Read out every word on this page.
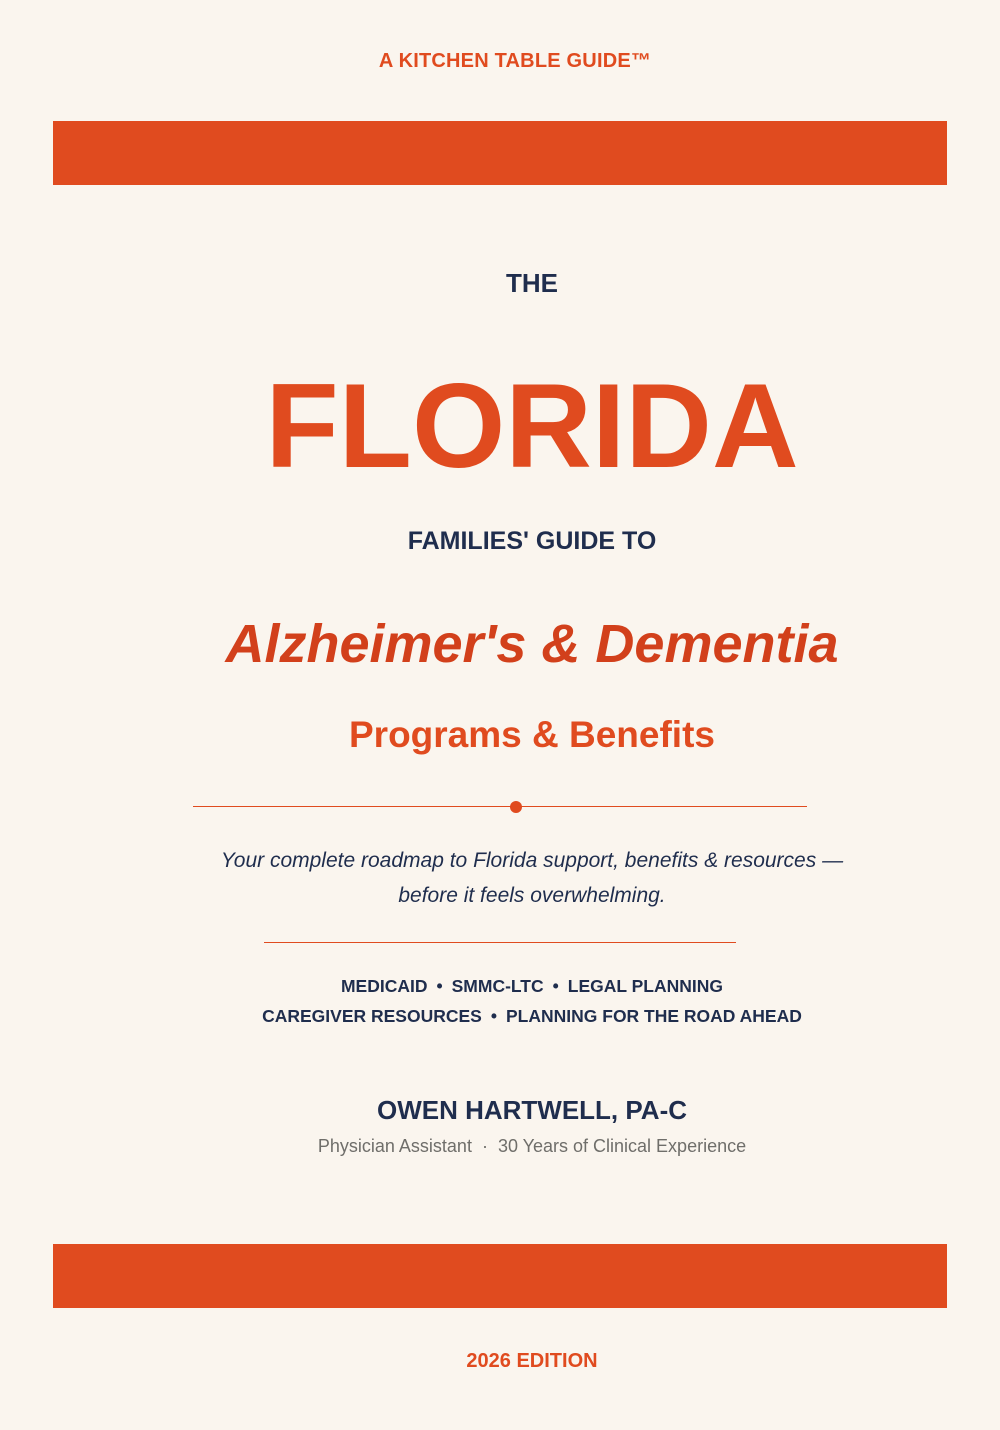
A KITCHEN TABLE GUIDE™
THE
FLORIDA
FAMILIES' GUIDE TO
Alzheimer's & Dementia
Programs & Benefits
Your complete roadmap to Florida support, benefits & resources —
before it feels overwhelming.
MEDICAID • SMMC-LTC • LEGAL PLANNING
CAREGIVER RESOURCES • PLANNING FOR THE ROAD AHEAD
OWEN HARTWELL, PA-C
Physician Assistant · 30 Years of Clinical Experience
2026 EDITION
